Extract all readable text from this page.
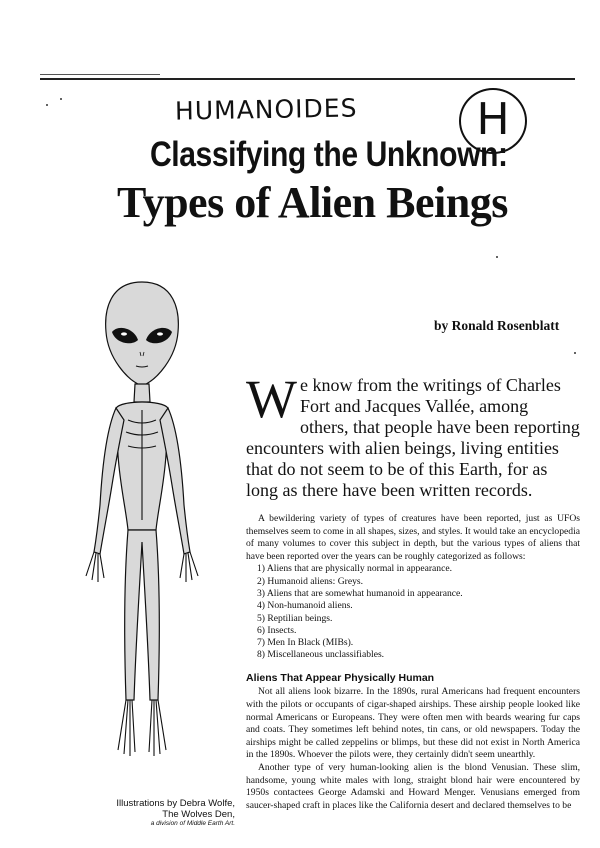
HUMANOIDES	H
Classifying the Unknown:
Types of Alien Beings
by Ronald Rosenblatt
Illustrations by Debra Wolfe,
The Wolves Den,
a division of Middle Earth Art.
We know from the writings of Charles Fort and Jacques Vallée, among others, that people have been reporting encounters with alien beings, living entities that do not seem to be of this Earth, for as long as there have been written records.

A bewildering variety of types of creatures have been reported, just as UFOs themselves seem to come in all shapes, sizes, and styles. It would take an encyclopedia of many volumes to cover this subject in depth, but the various types of aliens that have been reported over the years can be roughly categorized as follows:

1) Aliens that are physically normal in appearance.
2) Humanoid aliens: Greys.
3) Aliens that are somewhat humanoid in appearance.
4) Non-humanoid aliens.
5) Reptilian beings.
6) Insects.
7) Men In Black (MIBs).
8) Miscellaneous unclassifiables.
Aliens That Appear Physically Human

Not all aliens look bizarre. In the 1890s, rural Americans had frequent encounters with the pilots or occupants of cigar-shaped airships. These airship people looked like normal Americans or Europeans. They were often men with beards wearing fur caps and coats. They sometimes left behind notes, tin cans, or old newspapers. Today the airships might be called zeppelins or blimps, but these did not exist in North America in the 1890s. Whoever the pilots were, they certainly didn't seem unearthly.

Another type of very human-looking alien is the blond Venusian. These slim, handsome, young white males with long, straight blond hair were encountered by 1950s contactees George Adamski and Howard Menger. Venusians emerged from saucer-shaped craft in places like the California desert and declared themselves to be
